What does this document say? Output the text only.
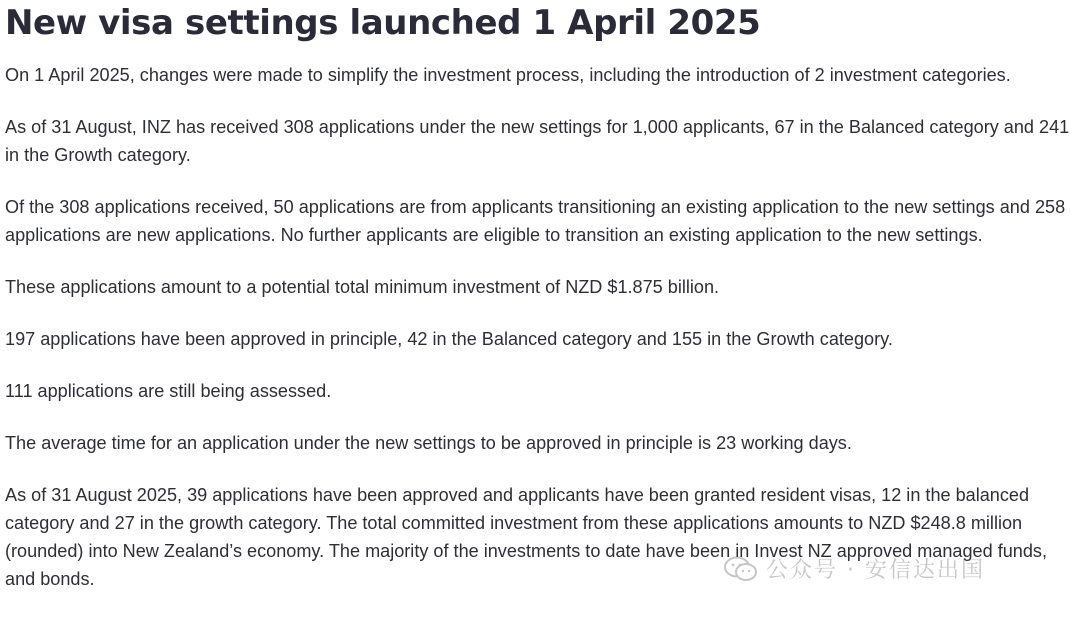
New visa settings launched 1 April 2025

On 1 April 2025, changes were made to simplify the investment process, including the introduction of 2 investment categories.

As of 31 August, INZ has received 308 applications under the new settings for 1,000 applicants, 67 in the Balanced category and 241 in the Growth category.

Of the 308 applications received, 50 applications are from applicants transitioning an existing application to the new settings and 258 applications are new applications. No further applicants are eligible to transition an existing application to the new settings.

These applications amount to a potential total minimum investment of NZD $1.875 billion.

197 applications have been approved in principle, 42 in the Balanced category and 155 in the Growth category.

111 applications are still being assessed.

The average time for an application under the new settings to be approved in principle is 23 working days.

As of 31 August 2025, 39 applications have been approved and applicants have been granted resident visas, 12 in the balanced category and 27 in the growth category. The total committed investment from these applications amounts to NZD $248.8 million (rounded) into New Zealand’s economy. The majority of the investments to date have been in Invest NZ approved managed funds, and bonds.	公众号 · 安信达出国
